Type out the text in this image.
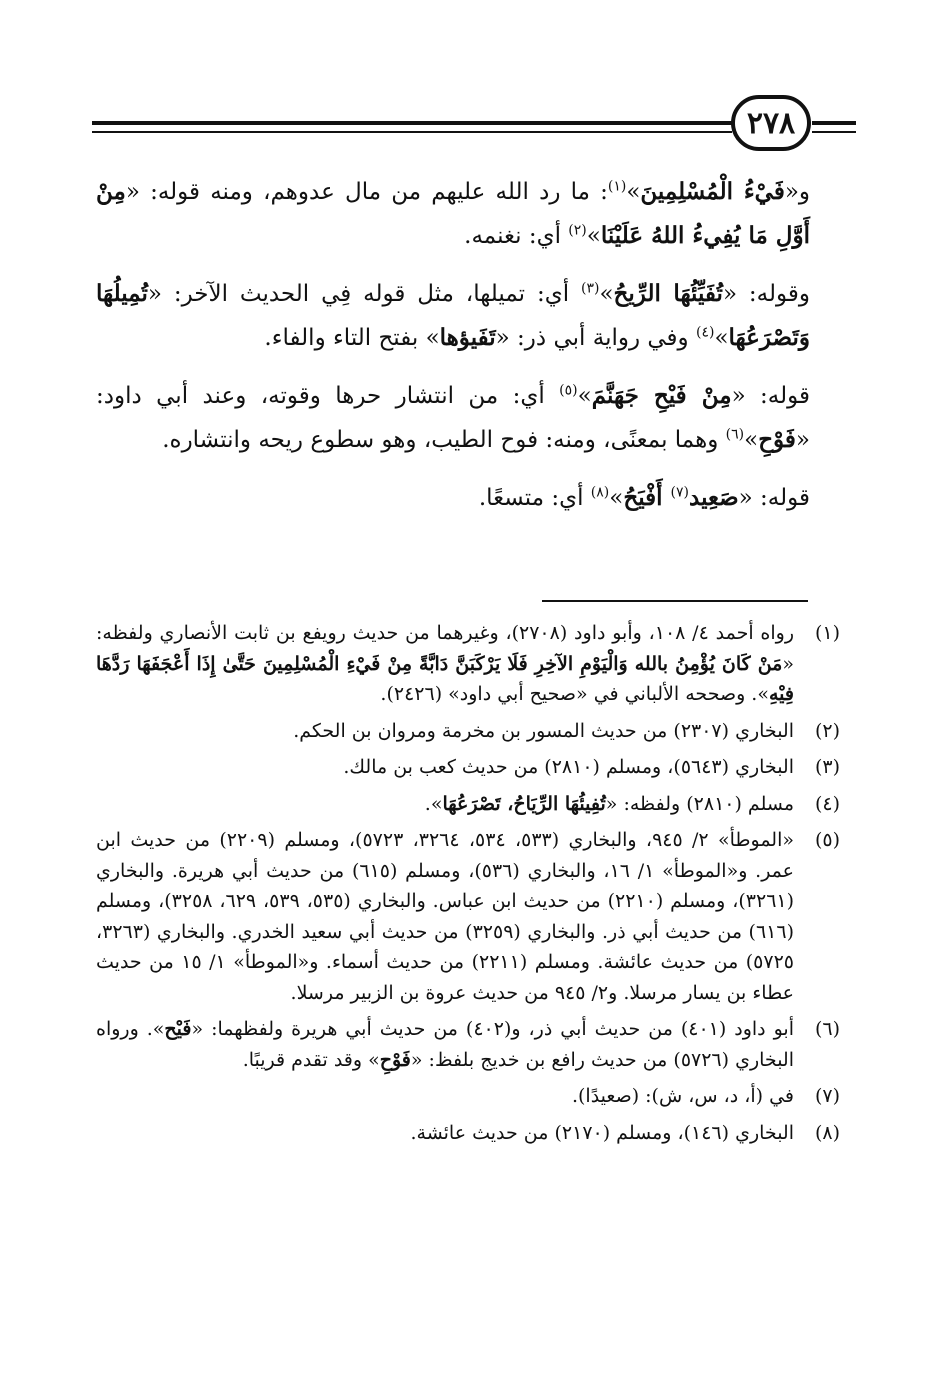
٢٧٨

و«فَيْءُ الْمُسْلِمِينَ»$^{(١)}$: ما رد الله عليهم من مال عدوهم، ومنه قوله: «مِنْ أَوَّلِ مَا يُفِيءُ اللهُ عَلَيْنَا»$^{(٢)}$ أي: نغنمه.

وقوله: «تُفَيِّئُهَا الرِّيحُ»$^{(٣)}$ أي: تميلها، مثل قوله فِي الحديث الآخر: «تُمِيلُهَا وَتَصْرَعُهَا»$^{(٤)}$ وفي رواية أبي ذر: «تَفَيؤها» بفتح التاء والفاء.

قوله: «مِنْ فَيْحِ جَهَنَّمَ»$^{(٥)}$ أي: من انتشار حرها وقوته، وعند أبي داود: «فَوْحِ»$^{(٦)}$ وهما بمعنًى، ومنه: فوح الطيب، وهو سطوع ريحه وانتشاره.

قوله: «صَعِيد$^{(٧)}$ أَفْيَحُ»$^{(٨)}$ أي: متسعًا.

(١)
رواه أحمد ٤/ ١٠٨، وأبو داود (٢٧٠٨)، وغيرهما من حديث رويفع بن ثابت الأنصاري ولفظه: «مَنْ كَانَ يُؤْمِنُ بالله وَالْيَوْمِ الآخِرِ فَلَا يَرْكَبَنَّ دَابَّةً مِنْ فَيْءِ الْمُسْلِمِينَ حَتَّىٰ إِذَا أَعْجَفَهَا رَدَّهَا فِيْهِ». وصححه الألباني في «صحيح أبي داود» (٢٤٢٦).
(٢)
البخاري (٢٣٠٧) من حديث المسور بن مخرمة ومروان بن الحكم.
(٣)
البخاري (٥٦٤٣)، ومسلم (٢٨١٠) من حديث كعب بن مالك.
(٤)
مسلم (٢٨١٠) ولفظه: «تُفِيئُهَا الرِّيَاحُ، تَصْرَعُهَا».
(٥)
«الموطأ» ٢/ ٩٤٥، والبخاري (٥٣٣، ٥٣٤، ٣٢٦٤، ٥٧٢٣)، ومسلم (٢٢٠٩) من حديث ابن عمر. و«الموطأ» ١/ ١٦، والبخاري (٥٣٦)، ومسلم (٦١٥) من حديث أبي هريرة. والبخاري (٣٢٦١)، ومسلم (٢٢١٠) من حديث ابن عباس. والبخاري (٥٣٥، ٥٣٩، ٦٢٩، ٣٢٥٨)، ومسلم (٦١٦) من حديث أبي ذر. والبخاري (٣٢٥٩) من حديث أبي سعيد الخدري. والبخاري (٣٢٦٣، ٥٧٢٥) من حديث عائشة. ومسلم (٢٢١١) من حديث أسماء. و«الموطأ» ١/ ١٥ من حديث عطاء بن يسار مرسلا. و٢/ ٩٤٥ من حديث عروة بن الزبير مرسلا.
(٦)
أبو داود (٤٠١) من حديث أبي ذر، و(٤٠٢) من حديث أبي هريرة ولفظهما: «فَيْح». ورواه البخاري (٥٧٢٦) من حديث رافع بن خديج بلفظ: «فَوْحِ» وقد تقدم قريبًا.
(٧)
في (أ، د، س، ش): (صعيدًا).
(٨)
البخاري (١٤٦)، ومسلم (٢١٧٠) من حديث عائشة.
